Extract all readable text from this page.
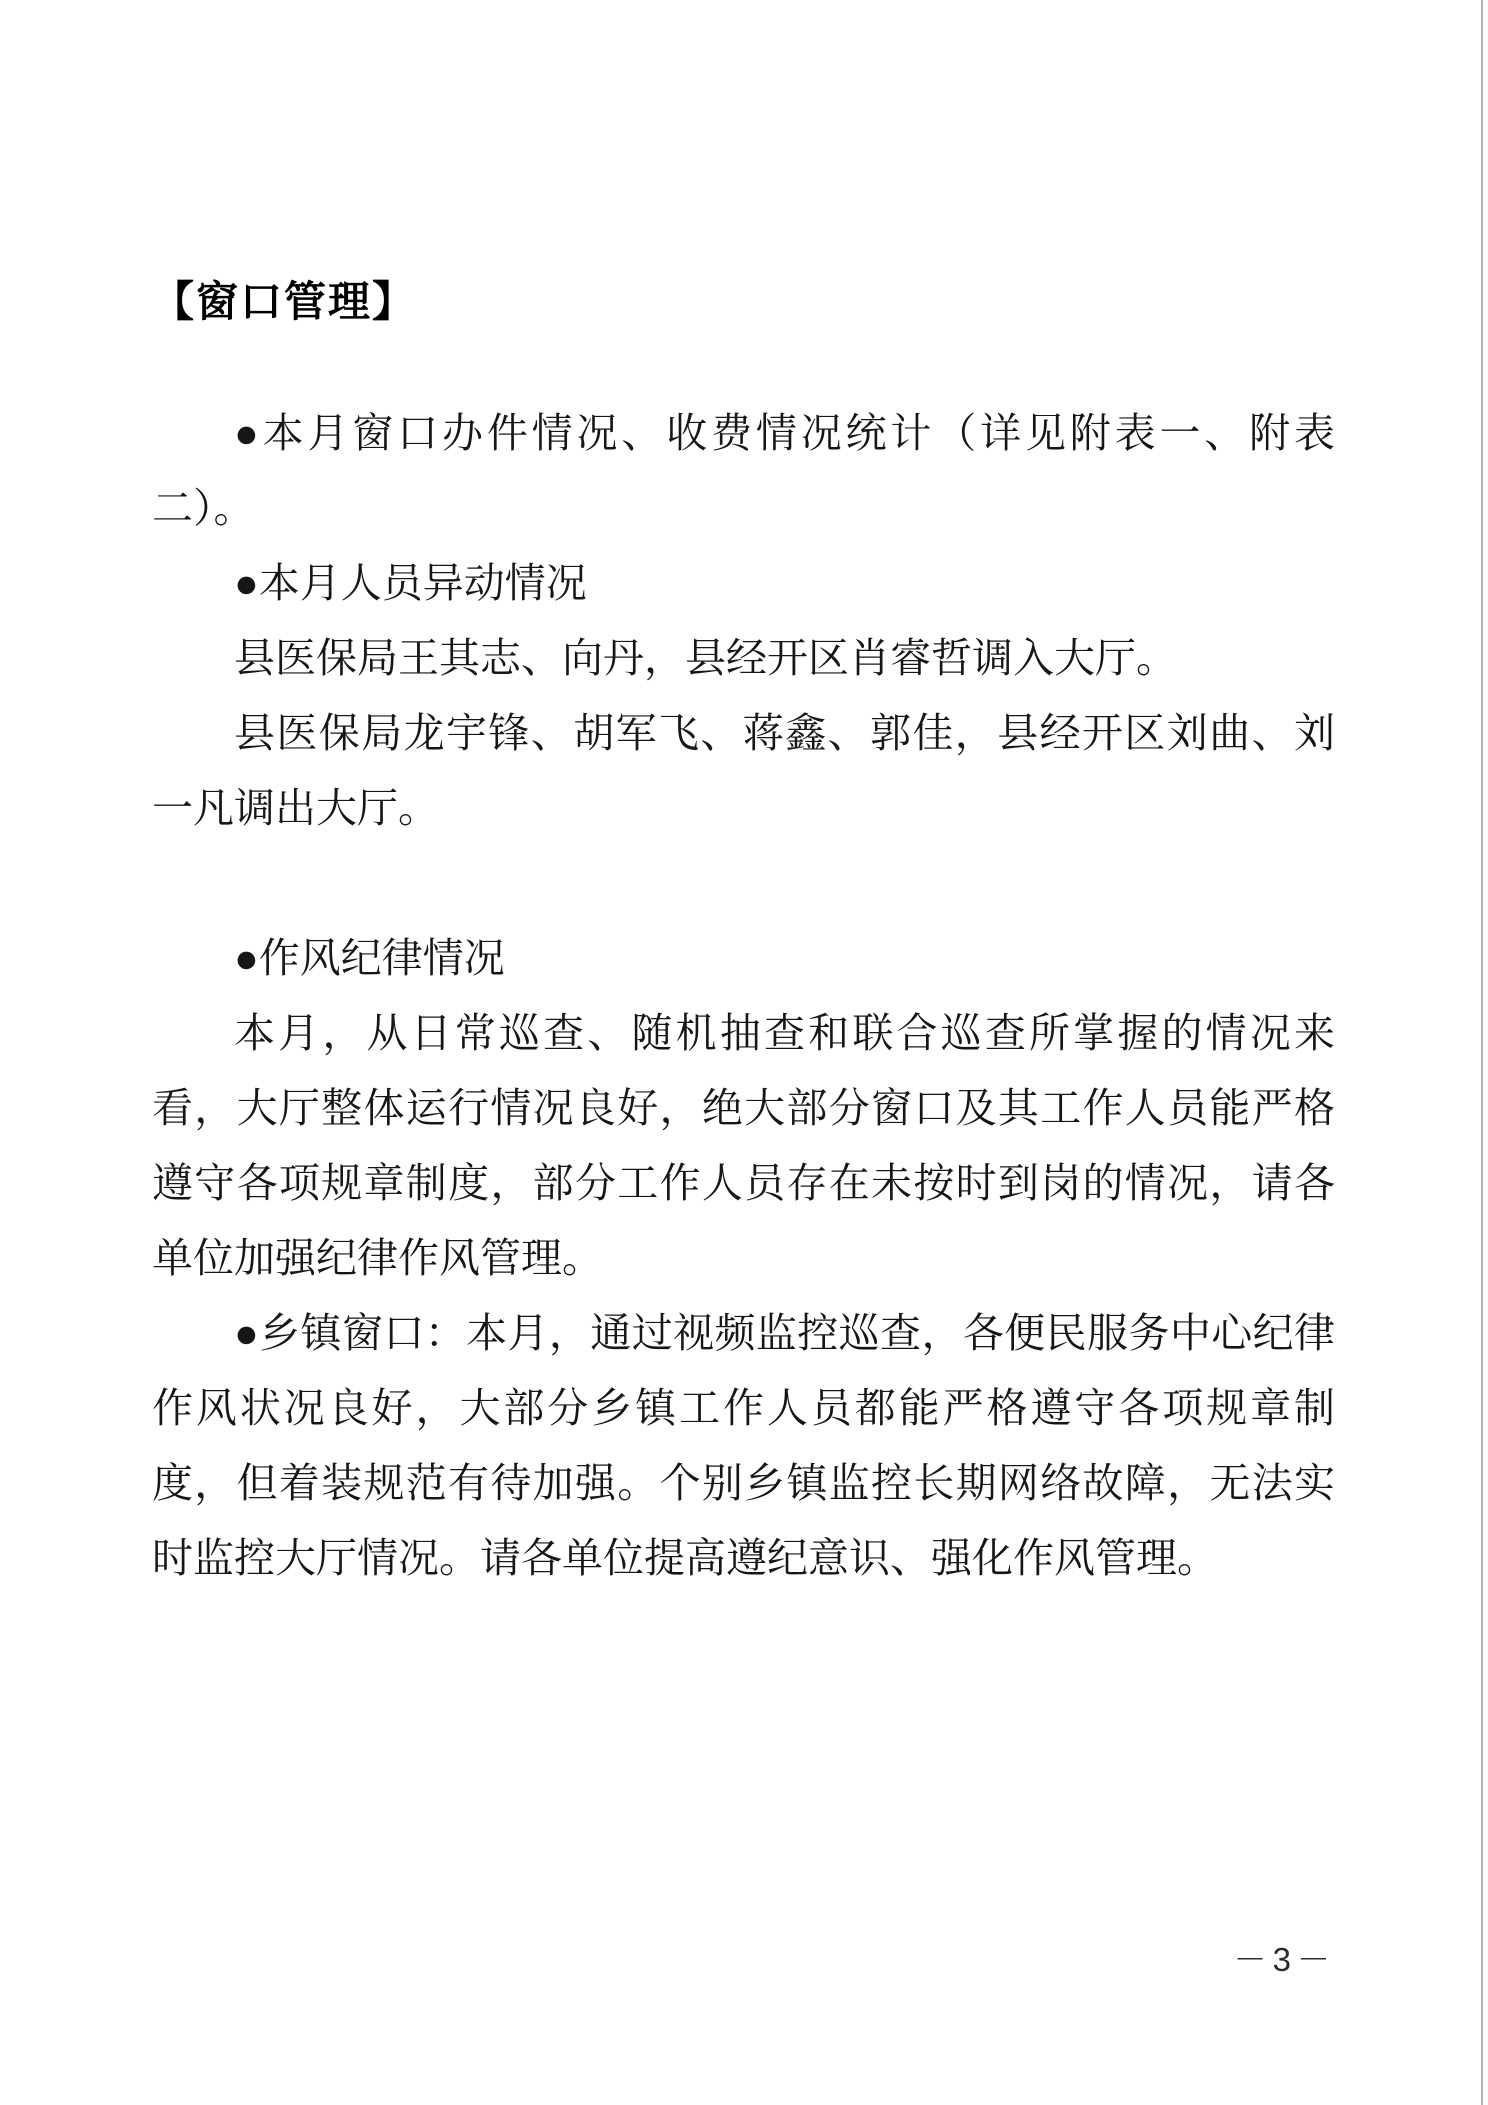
【窗口管理】

●本月窗口办件情况、收费情况统计（详见附表一、附表二）。

●本月人员异动情况

县医保局王其志、向丹，县经开区肖睿哲调入大厅。

县医保局龙宇锋、胡军飞、蒋鑫、郭佳，县经开区刘曲、刘一凡调出大厅。

●作风纪律情况

本月，从日常巡查、随机抽查和联合巡查所掌握的情况来看，大厅整体运行情况良好，绝大部分窗口及其工作人员能严格遵守各项规章制度，部分工作人员存在未按时到岗的情况，请各单位加强纪律作风管理。

●乡镇窗口：本月，通过视频监控巡查，各便民服务中心纪律作风状况良好，大部分乡镇工作人员都能严格遵守各项规章制度，但着装规范有待加强。个别乡镇监控长期网络故障，无法实时监控大厅情况。请各单位提高遵纪意识、强化作风管理。

－3－
